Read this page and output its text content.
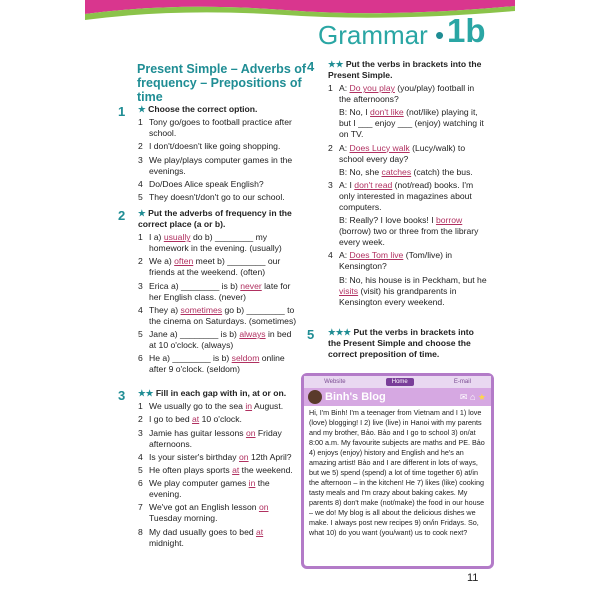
Grammar • 1b
Present Simple – Adverbs of frequency – Prepositions of time
1 ★ Choose the correct option.
1 Tony go/goes to football practice after school.
2 I don't/doesn't like going shopping.
3 We play/plays computer games in the evenings.
4 Do/Does Alice speak English?
5 They doesn't/don't go to our school.
2 ★ Put the adverbs of frequency in the correct place (a or b).
1 I a) usually do b) ________ my homework in the evening. (usually)
2 We a) often meet b) ________ our friends at the weekend. (often)
3 Erica a) ________ is b) never late for her English class. (never)
4 They a) sometimes go b) ________ to the cinema on Saturdays. (sometimes)
5 Jane a) ________ is b) always in bed at 10 o'clock. (always)
6 He a) ________ is b) seldom online after 9 o'clock. (seldom)
3 ★★ Fill in each gap with in, at or on.
1 We usually go to the sea in August.
2 I go to bed at 10 o'clock.
3 Jamie has guitar lessons on Friday afternoons.
4 Is your sister's birthday on 12th April?
5 He often plays sports at the weekend.
6 We play computer games in the evening.
7 We've got an English lesson on Tuesday morning.
8 My dad usually goes to bed at midnight.
4 ★★ Put the verbs in brackets into the Present Simple.
1 A: Do you play (you/play) football in the afternoons?
B: No, I don't like (not/like) playing it, but I ___ enjoy ___ (enjoy) watching it on TV.
2 A: Does Lucy walk (Lucy/walk) to school every day?
B: No, she catches (catch) the bus.
3 A: I don't read (not/read) books. I'm only interested in magazines about computers.
B: Really? I love books! I borrow (borrow) two or three from the library every week.
4 A: Does Tom live (Tom/live) in Kensington?
B: No, his house is in Peckham, but he visits (visit) his grandparents in Kensington every weekend.
5 ★★★ Put the verbs in brackets into the Present Simple and choose the correct preposition of time.
Website	Home	E-mail
Binh's Blog	✉ ⌂ ★
Hi, I'm Binh! I'm a teenager from Vietnam and I 1) love (love) blogging! I 2) live (live) in Hanoi with my parents and my brother, Bảo. Bảo and I go to school 3) on/at 8:00 a.m. My favourite subjects are maths and PE. Bảo 4) enjoys (enjoy) history and English and he's an amazing artist! Bảo and I are different in lots of ways, but we 5) spend (spend) a lot of time together 6) at/in the afternoon – in the kitchen! He 7) likes (like) cooking tasty meals and I'm crazy about baking cakes. My parents 8) don't make (not/make) the food in our house – we do! My blog is all about the delicious dishes we make. I always post new recipes 9) on/in Fridays. So, what 10) do you want (you/want) us to cook next?
11
